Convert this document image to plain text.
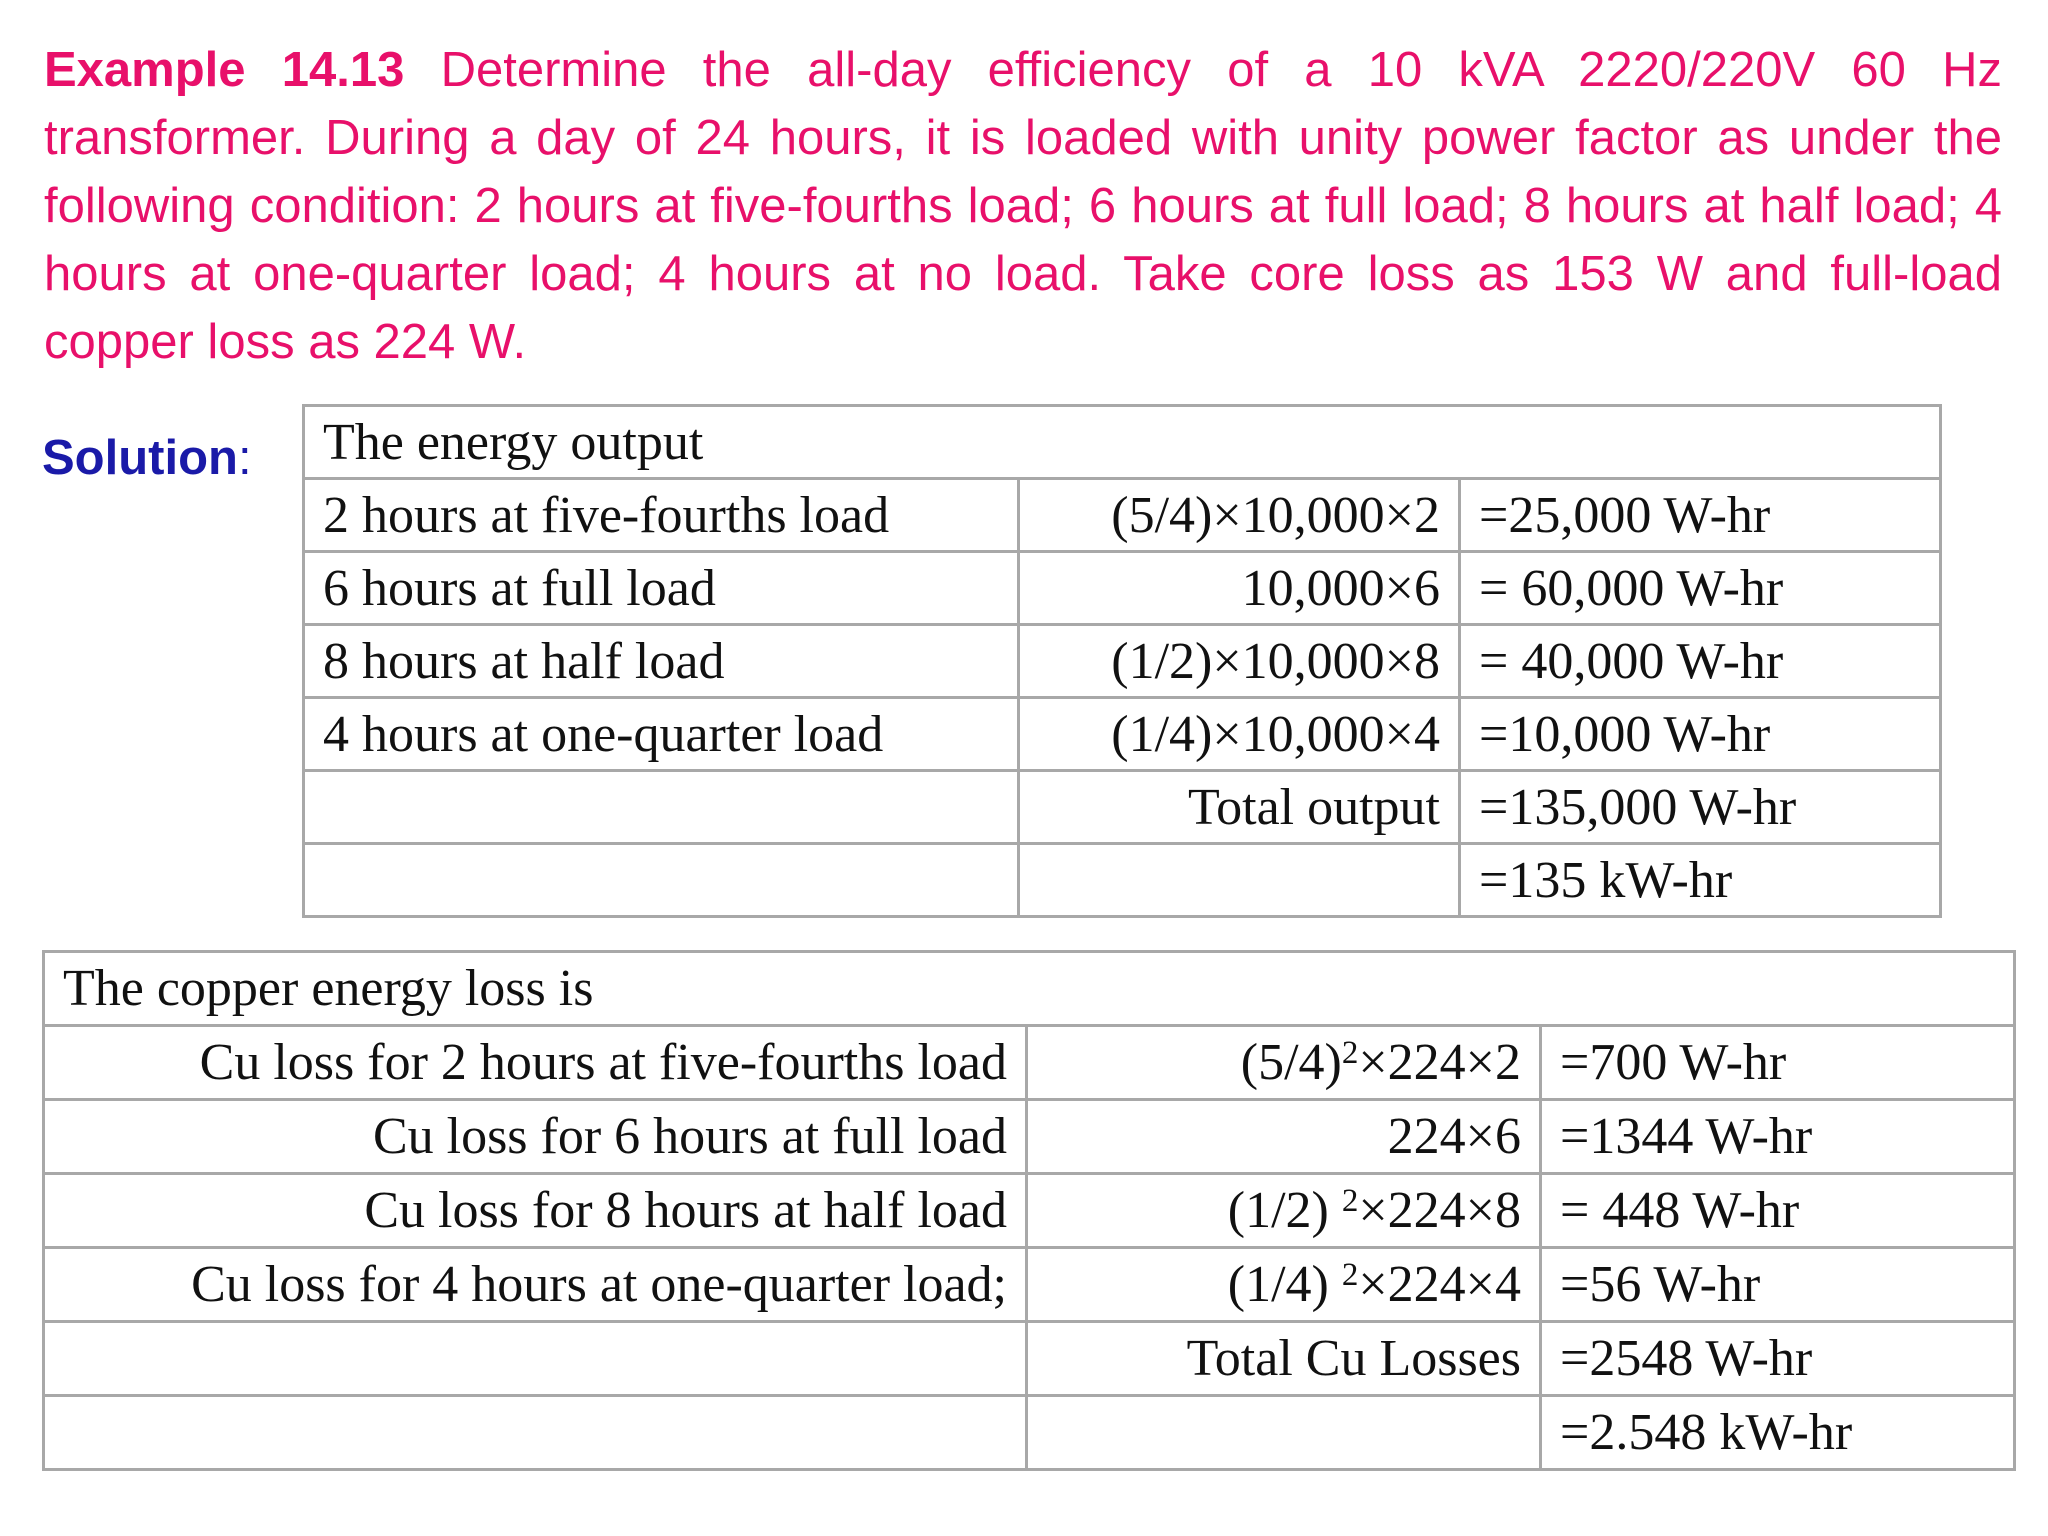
Example 14.13 Determine the all-day efficiency of a 10 kVA 2220/220V 60 Hz transformer. During a day of 24 hours, it is loaded with unity power factor as under the following condition: 2 hours at five-fourths load; 6 hours at full load; 8 hours at half load; 4 hours at one-quarter load; 4 hours at no load. Take core loss as 153 W and full-load copper loss as 224 W.
Solution: The energy output		
2 hours at five-fourths load	(5/4)×10,000×2	=25,000 W-hr
6 hours at full load	10,000×6	= 60,000 W-hr
8 hours at half load	(1/2)×10,000×8	= 40,000 W-hr
4 hours at one-quarter load	(1/4)×10,000×4	=10,000 W-hr
	Total output	=135,000 W-hr
		=135 kW-hr
The copper energy loss is		
Cu loss for 2 hours at five-fourths load	$(5/4)^2\times 224\times 2$	=700 W-hr
Cu loss for 6 hours at full load	224×6	=1344 W-hr
Cu loss for 8 hours at half load	(1/2) $^2$×224×8	= 448 W-hr
Cu loss for 4 hours at one-quarter load;	(1/4) $^2$×224×4	=56 W-hr
	Total Cu Losses	=2548 W-hr
		=2.548 kW-hr
